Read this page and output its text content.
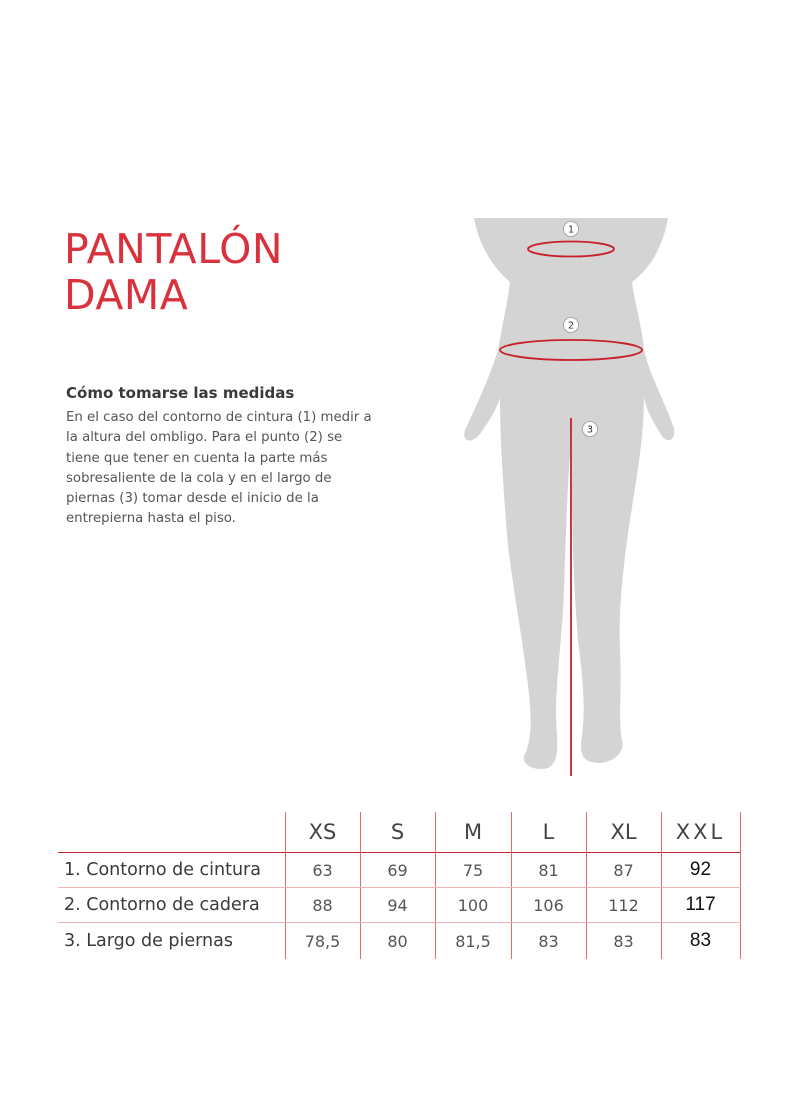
PANTALÓN
DAMA
Cómo tomarse las medidas

En el caso del contorno de cintura (1) medir a la altura del ombligo. Para el punto (2) se tiene que tener en cuenta la parte más sobresaliente de la cola y en el largo de piernas (3) tomar desde el inicio de la entrepierna hasta el piso.

1
2
3
	XS	S	M	L	XL	XXL
1. Contorno de cintura	63	69	75	81	87	92
2. Contorno de cadera	88	94	100	106	112	117
3. Largo de piernas	78,5	80	81,5	83	83	83
